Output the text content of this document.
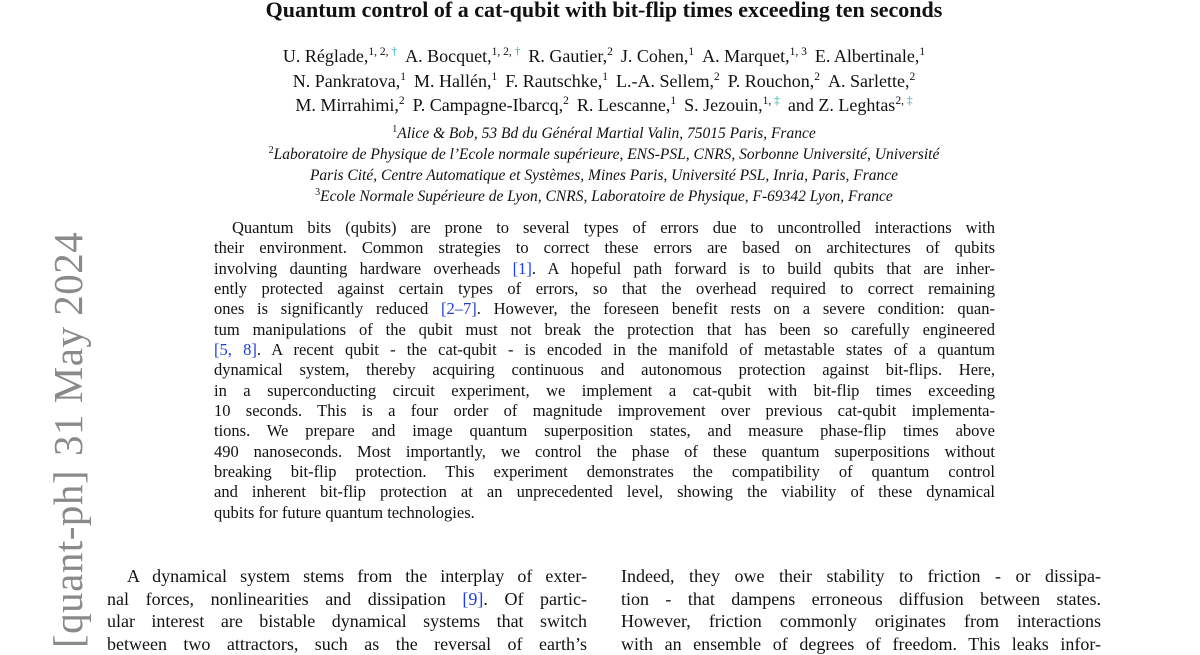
[quant-ph]31 May 2024
Quantum control of a cat-qubit with bit-flip times exceeding ten seconds
U. Réglade,$^{1, 2, \dagger}$ A. Bocquet,$^{1, 2, \dagger}$ R. Gautier,$^2$ J. Cohen,$^1$ A. Marquet,$^{1, 3}$ E. Albertinale,$^1$
N. Pankratova,$^1$ M. Hallén,$^1$ F. Rautschke,$^1$ L.-A. Sellem,$^2$ P. Rouchon,$^2$ A. Sarlette,$^2$
M. Mirrahimi,$^2$ P. Campagne-Ibarcq,$^2$ R. Lescanne,$^1$ S. Jezouin,$^{1, \ddagger}$ and Z. Leghtas$^{2, \ddagger}$
$^1$Alice & Bob, 53 Bd du Général Martial Valin, 75015 Paris, France
$^2$Laboratoire de Physique de l’Ecole normale supérieure, ENS-PSL, CNRS, Sorbonne Université, Université
Paris Cité, Centre Automatique et Systèmes, Mines Paris, Université PSL, Inria, Paris, France
$^3$Ecole Normale Supérieure de Lyon, CNRS, Laboratoire de Physique, F-69342 Lyon, France
Quantum bits (qubits) are prone to several types of errors due to uncontrolled interactions with
their environment. Common strategies to correct these errors are based on architectures of qubits
involving daunting hardware overheads [1]. A hopeful path forward is to build qubits that are inher-
ently protected against certain types of errors, so that the overhead required to correct remaining
ones is significantly reduced [2–7]. However, the foreseen benefit rests on a severe condition: quan-
tum manipulations of the qubit must not break the protection that has been so carefully engineered
[5, 8]. A recent qubit - the cat-qubit - is encoded in the manifold of metastable states of a quantum
dynamical system, thereby acquiring continuous and autonomous protection against bit-flips. Here,
in a superconducting circuit experiment, we implement a cat-qubit with bit-flip times exceeding
10 seconds. This is a four order of magnitude improvement over previous cat-qubit implementa-
tions. We prepare and image quantum superposition states, and measure phase-flip times above
490 nanoseconds. Most importantly, we control the phase of these quantum superpositions without
breaking bit-flip protection. This experiment demonstrates the compatibility of quantum control
and inherent bit-flip protection at an unprecedented level, showing the viability of these dynamical
qubits for future quantum technologies.
A dynamical system stems from the interplay of exter-
nal forces, nonlinearities and dissipation [9]. Of partic-
ular interest are bistable dynamical systems that switch
between two attractors, such as the reversal of earth’s
Indeed, they owe their stability to friction - or dissipa-
tion - that dampens erroneous diffusion between states.
However, friction commonly originates from interactions
with an ensemble of degrees of freedom. This leaks infor-
